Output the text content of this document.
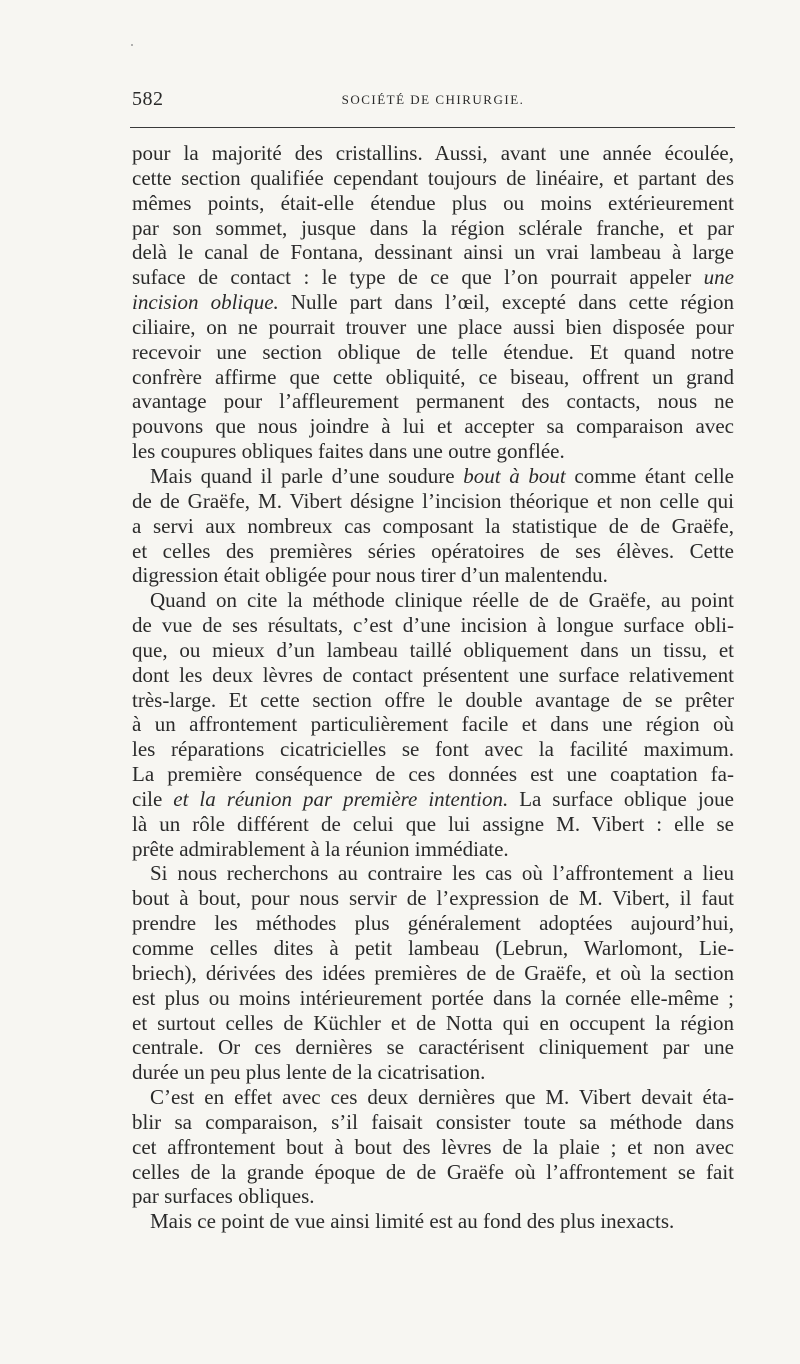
582	SOCIÉTÉ DE CHIRURGIE.

pour la majorité des cristallins. Aussi, avant une année écoulée,
cette section qualifiée cependant toujours de linéaire, et partant des
mêmes points, était-elle étendue plus ou moins extérieurement
par son sommet, jusque dans la région sclérale franche, et par
delà le canal de Fontana, dessinant ainsi un vrai lambeau à large
suface de contact : le type de ce que l’on pourrait appeler une
incision oblique. Nulle part dans l’œil, excepté dans cette région
ciliaire, on ne pourrait trouver une place aussi bien disposée pour
recevoir une section oblique de telle étendue. Et quand notre
confrère affirme que cette obliquité, ce biseau, offrent un grand
avantage pour l’affleurement permanent des contacts, nous ne
pouvons que nous joindre à lui et accepter sa comparaison avec
les coupures obliques faites dans une outre gonflée.

Mais quand il parle d’une soudure bout à bout comme étant celle
de de Graëfe, M. Vibert désigne l’incision théorique et non celle qui
a servi aux nombreux cas composant la statistique de de Graëfe,
et celles des premières séries opératoires de ses élèves. Cette
digression était obligée pour nous tirer d’un malentendu.

Quand on cite la méthode clinique réelle de de Graëfe, au point
de vue de ses résultats, c’est d’une incision à longue surface obli-
que, ou mieux d’un lambeau taillé obliquement dans un tissu, et
dont les deux lèvres de contact présentent une surface relativement
très-large. Et cette section offre le double avantage de se prêter
à un affrontement particulièrement facile et dans une région où
les réparations cicatricielles se font avec la facilité maximum.
La première conséquence de ces données est une coaptation fa-
cile et la réunion par première intention. La surface oblique joue
là un rôle différent de celui que lui assigne M. Vibert : elle se
prête admirablement à la réunion immédiate.

Si nous recherchons au contraire les cas où l’affrontement a lieu
bout à bout, pour nous servir de l’expression de M. Vibert, il faut
prendre les méthodes plus généralement adoptées aujourd’hui,
comme celles dites à petit lambeau (Lebrun, Warlomont, Lie-
briech), dérivées des idées premières de de Graëfe, et où la section
est plus ou moins intérieurement portée dans la cornée elle-même ;
et surtout celles de Küchler et de Notta qui en occupent la région
centrale. Or ces dernières se caractérisent cliniquement par une
durée un peu plus lente de la cicatrisation.

C’est en effet avec ces deux dernières que M. Vibert devait éta-
blir sa comparaison, s’il faisait consister toute sa méthode dans
cet affrontement bout à bout des lèvres de la plaie ; et non avec
celles de la grande époque de de Graëfe où l’affrontement se fait
par surfaces obliques.

Mais ce point de vue ainsi limité est au fond des plus inexacts.
